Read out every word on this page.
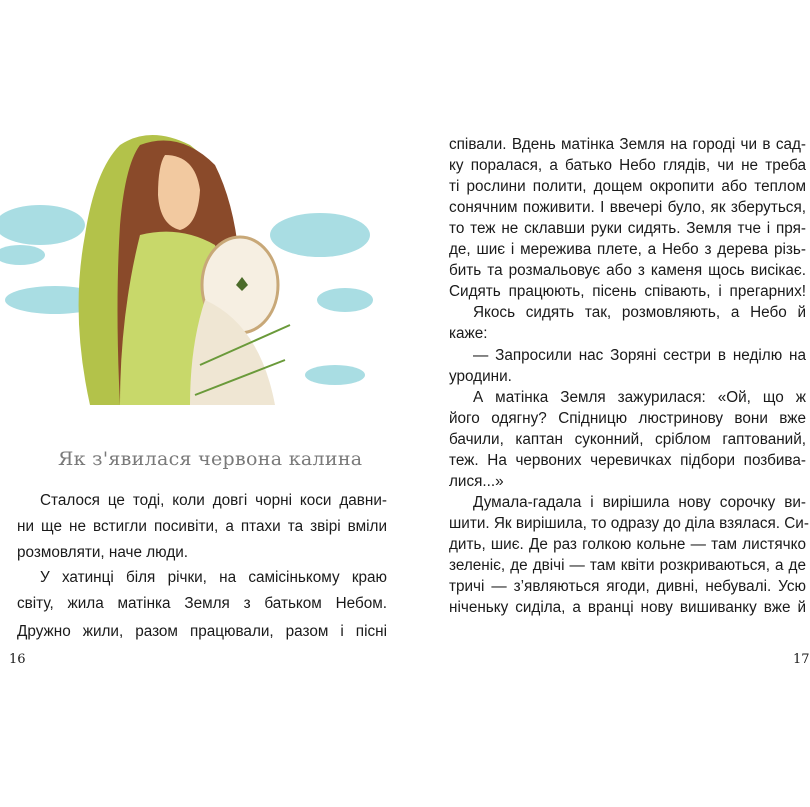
Як з'явилася червона калина
Сталося це тоді, коли довгі чорні коси давни-
ни ще не встигли посивіти, а птахи та звірі вміли
розмовляти, наче люди.
У хатинці біля річки, на самісінькому краю
світу, жила матінка Земля з батьком Небом.
Дружно жили, разом працювали, разом і пісні
16
співали. Вдень матінка Земля на городі чи в сад-
ку поралася, а батько Небо глядів, чи не треба
ті рослини полити, дощем окропити або теплом
сонячним поживити. І ввечері було, як зберуться,
то теж не склавши руки сидять. Земля тче і пря-
де, шиє і мережива плете, а Небо з дерева різь-
бить та розмальовує або з каменя щось висікає.
Сидять працюють, пісень співають, і прегарних!
Якось сидять так, розмовляють, а Небо й
каже:
— Запросили нас Зоряні сестри в неділю на
уродини.
А матінка Земля зажурилася: «Ой, що ж
його одягну? Спідницю люстринову вони вже
бачили, каптан суконний, сріблом гаптований,
теж. На червоних черевичках підбори позбива-
лися...»
Думала-гадала і вирішила нову сорочку ви-
шити. Як вирішила, то одразу до діла взялася. Си-
дить, шиє. Де раз голкою кольне — там листячко
зеленіє, де двічі — там квіти розкриваються, а де
тричі — з’являються ягоди, дивні, небувалі. Усю
ніченьку сиділа, а вранці нову вишиванку вже й
17
